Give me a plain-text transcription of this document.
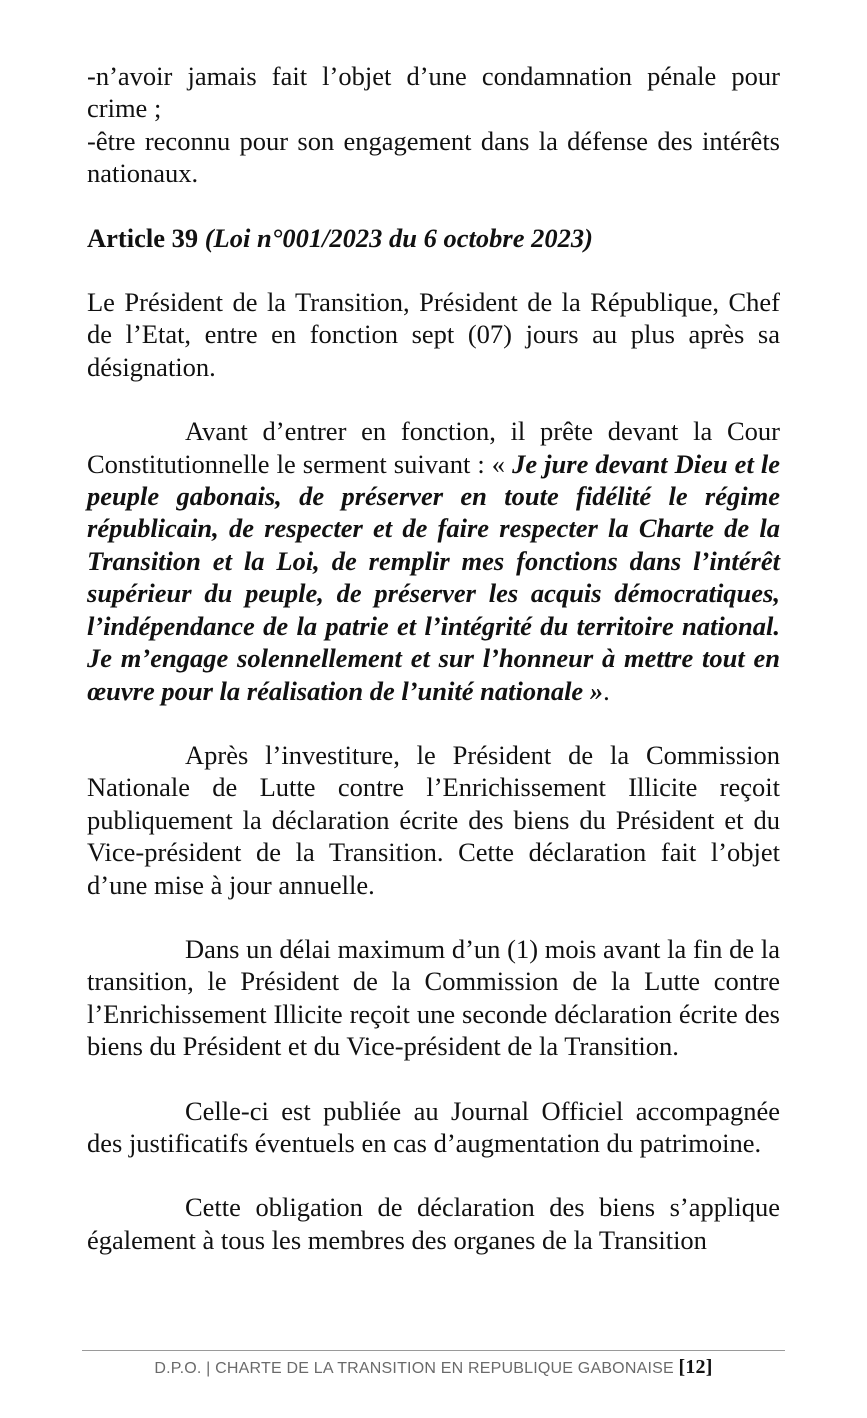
-n’avoir jamais fait l’objet d’une condamnation pénale pour crime ;

-être reconnu pour son engagement dans la défense des intérêts nationaux.

Article 39 (Loi n°001/2023 du 6 octobre 2023)

Le Président de la Transition, Président de la République, Chef de l’Etat, entre en fonction sept (07) jours au plus après sa désignation.

Avant d’entrer en fonction, il prête devant la Cour Constitutionnelle le serment suivant : « Je jure devant Dieu et le peuple gabonais, de préserver en toute fidélité le régime républicain, de respecter et de faire respecter la Charte de la Transition et la Loi, de remplir mes fonctions dans l’intérêt supérieur du peuple, de préserver les acquis démocratiques, l’indépendance de la patrie et l’intégrité du territoire national. Je m’engage solennellement et sur l’honneur à mettre tout en œuvre pour la réalisation de l’unité nationale ».

Après l’investiture, le Président de la Commission Nationale de Lutte contre l’Enrichissement Illicite reçoit publiquement la déclaration écrite des biens du Président et du Vice-président de la Transition. Cette déclaration fait l’objet d’une mise à jour annuelle.

Dans un délai maximum d’un (1) mois avant la fin de la transition, le Président de la Commission de la Lutte contre l’Enrichissement Illicite reçoit une seconde déclaration écrite des biens du Président et du Vice-président de la Transition.

Celle-ci est publiée au Journal Officiel accompagnée des justificatifs éventuels en cas d’augmentation du patrimoine.

Cette obligation de déclaration des biens s’applique également à tous les membres des organes de la Transition

D.P.O. | CHARTE DE LA TRANSITION EN REPUBLIQUE GABONAISE [12]
